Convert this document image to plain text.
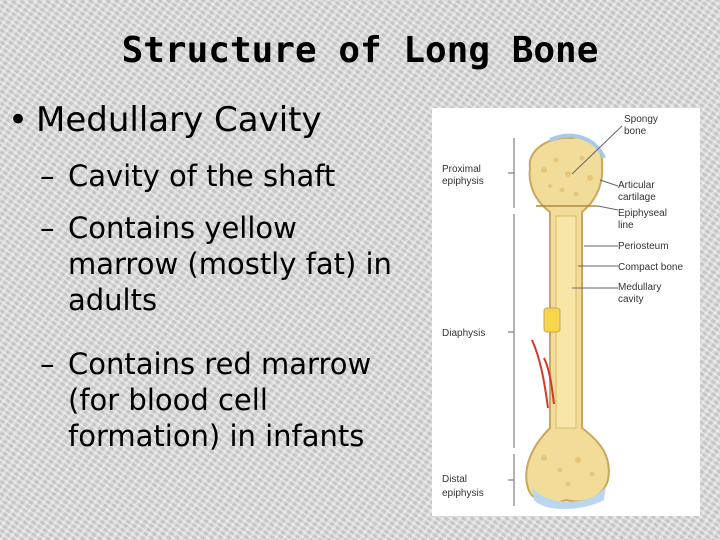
Structure of Long Bone
• Medullary Cavity
– Cavity of the shaft
– Contains yellow marrow (mostly fat) in adults
– Contains red marrow (for blood cell formation) in infants
Proximal
epiphysis
Diaphysis
Distal
epiphysis
Spongy
bone
Articular
cartilage
Epiphyseal
line
Periosteum
Compact bone
Medullary
cavity
